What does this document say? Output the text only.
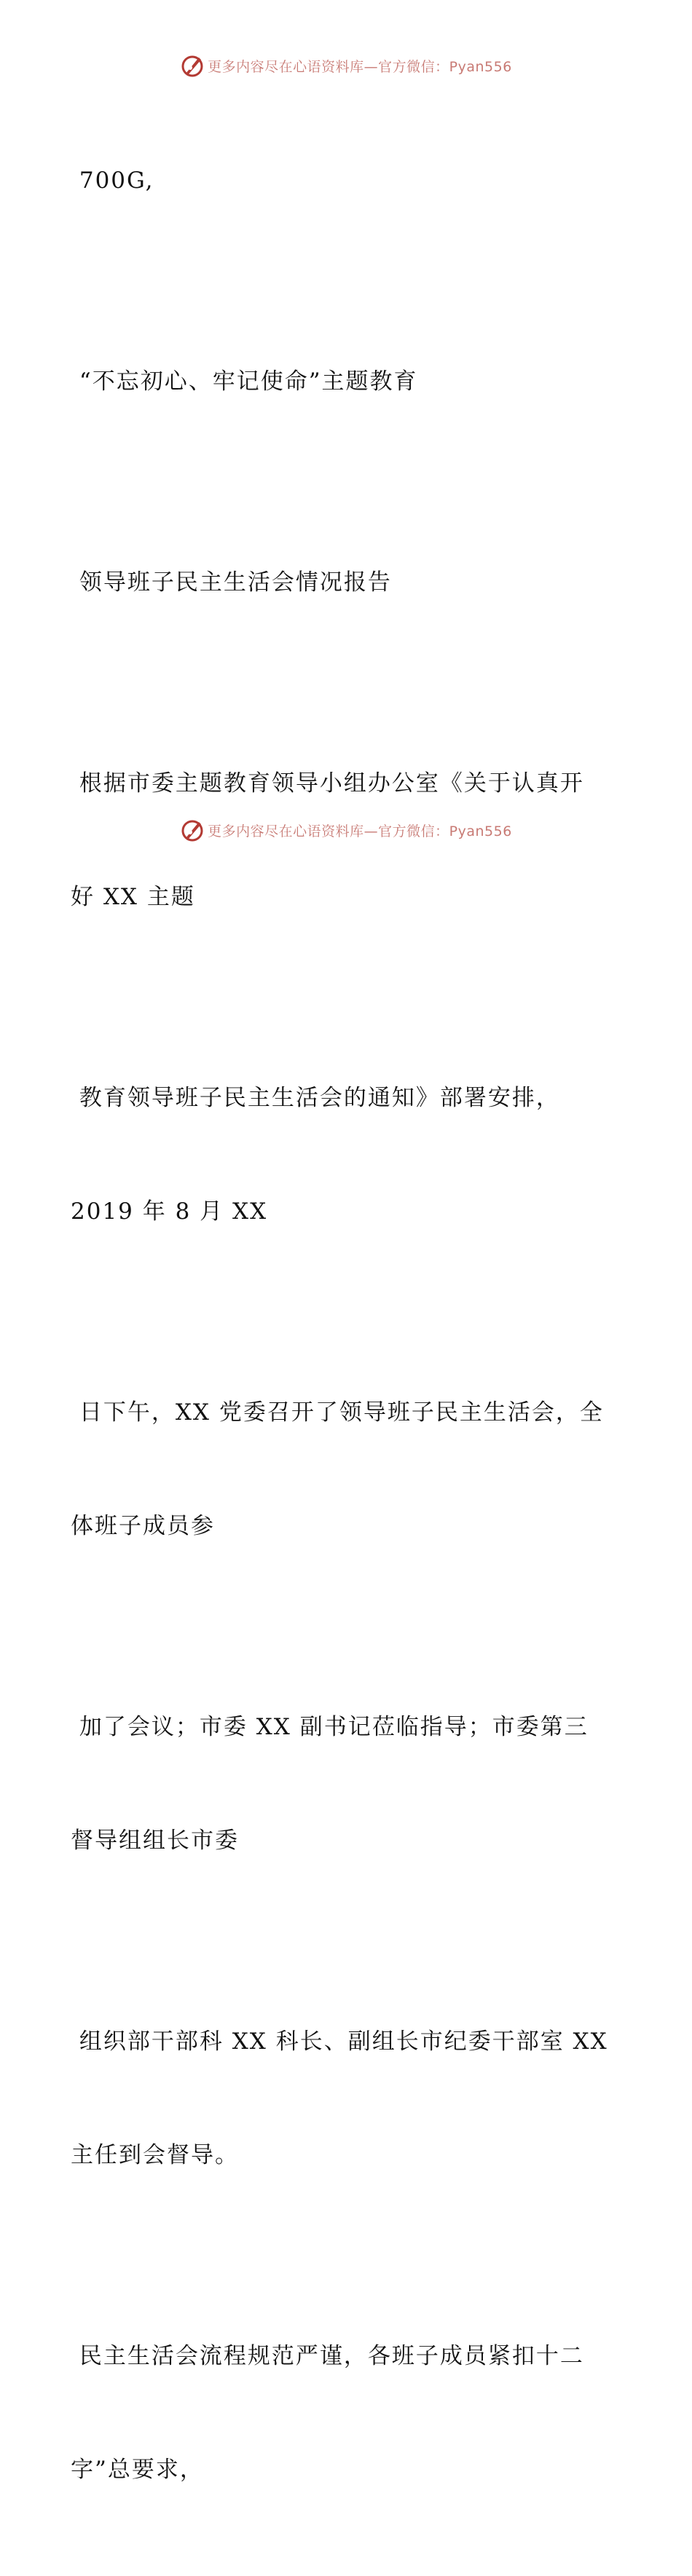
更多内容尽在心语资料库—官方微信：Pyan556

700G,

“不忘初心、牢记使命”主题教育

领导班子民主生活会情况报告

根据市委主题教育领导小组办公室《关于认真开

好 XX 主题

教育领导班子民主生活会的通知》部署安排，

2019 年 8 月 XX

日下午，XX 党委召开了领导班子民主生活会，全

体班子成员参

加了会议；市委 XX 副书记莅临指导；市委第三

督导组组长市委

组织部干部科 XX 科长、副组长市纪委干部室 XX

主任到会督导。

民主生活会流程规范严谨，各班子成员紧扣十二

字”总要求，

更多内容尽在心语资料库—官方微信：Pyan556
